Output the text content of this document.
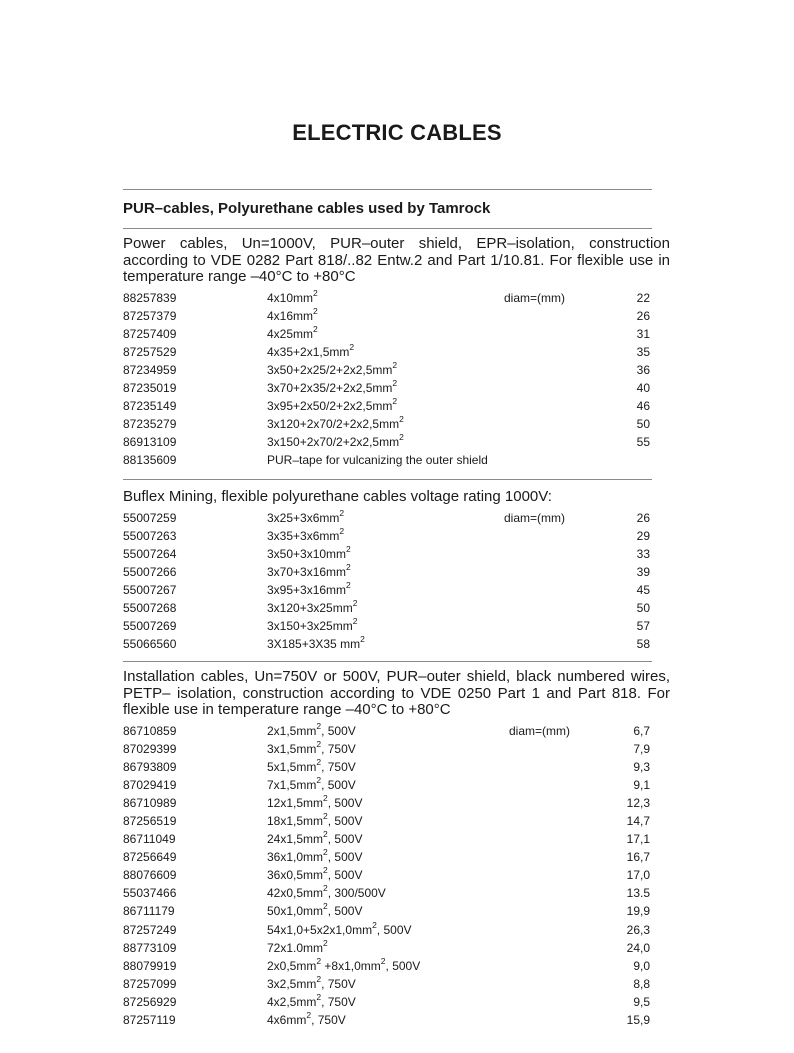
ELECTRIC CABLES
PUR–cables, Polyurethane cables used by Tamrock

Power cables, Un=1000V, PUR–outer shield, EPR–isolation, construction according to VDE 0282 Part 818/..82 Entw.2 and Part 1/10.81. For flexible use in temperature range –40°C to +80°C

88257839	$4x10mm^2$	diam=(mm)	22
87257379	$4x16mm^2$	26
87257409	$4x25mm^2$	31
87257529	$4x35+2x1,5mm^2$	35
87234959	$3x50+2x25/2+2x2,5mm^2$	36
87235019	$3x70+2x35/2+2x2,5mm^2$	40
87235149	$3x95+2x50/2+2x2,5mm^2$	46
87235279	$3x120+2x70/2+2x2,5mm^2$	50
86913109	$3x150+2x70/2+2x2,5mm^2$	55
88135609	PUR–tape for vulcanizing the outer shield

Buflex Mining, flexible polyurethane cables voltage rating 1000V:

55007259	$3x25+3x6mm^2$	diam=(mm)	26
55007263	$3x35+3x6mm^2$	29
55007264	$3x50+3x10mm^2$	33
55007266	$3x70+3x16mm^2$	39
55007267	$3x95+3x16mm^2$	45
55007268	$3x120+3x25mm^2$	50
55007269	$3x150+3x25mm^2$	57
55066560	3X185+3X35 $mm^2$	58

Installation cables, Un=750V or 500V, PUR–outer shield, black numbered wires, PETP– isolation, construction according to VDE 0250 Part 1 and Part 818. For flexible use in temperature range –40°C to +80°C

86710859	$2x1,5mm^2$, 500V	diam=(mm)	6,7
87029399	$3x1,5mm^2$, 750V	7,9
86793809	$5x1,5mm^2$, 750V	9,3
87029419	$7x1,5mm^2$, 500V	9,1
86710989	$12x1,5mm^2$, 500V	12,3
87256519	$18x1,5mm^2$, 500V	14,7
86711049	$24x1,5mm^2$, 500V	17,1
87256649	$36x1,0mm^2$, 500V	16,7
88076609	$36x0,5mm^2$, 500V	17,0
55037466	$42x0,5mm^2$, 300/500V	13.5
86711179	$50x1,0mm^2$, 500V	19,9
87257249	$54x1,0+5x2x1,0mm^2$, 500V	26,3
88773109	$72x1.0mm^2$	24,0
88079919	$2x0,5mm^2 +8x1,0mm^2$, 500V	9,0
87257099	$3x2,5mm^2$, 750V	8,8
87256929	$4x2,5mm^2$, 750V	9,5
87257119	$4x6mm^2$, 750V	15,9
